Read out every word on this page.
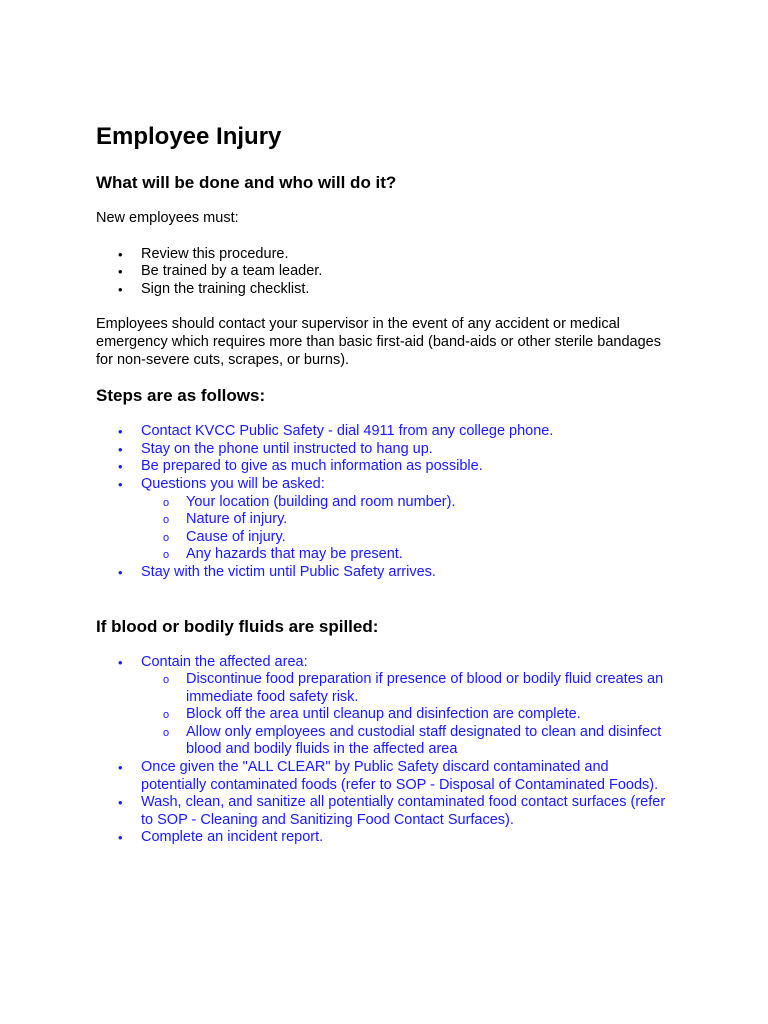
Employee Injury
What will be done and who will do it?

New employees must:

• Review this procedure.
• Be trained by a team leader.
• Sign the training checklist.

Employees should contact your supervisor in the event of any accident or medical emergency which requires more than basic first-aid (band-aids or other sterile bandages for non-severe cuts, scrapes, or burns).

Steps are as follows:
• Contact KVCC Public Safety - dial 4911 from any college phone.
• Stay on the phone until instructed to hang up.
• Be prepared to give as much information as possible.
• Questions you will be asked:
o Your location (building and room number).
o Nature of injury.
o Cause of injury.
o Any hazards that may be present.
• Stay with the victim until Public Safety arrives.
If blood or bodily fluids are spilled:
• Contain the affected area:
o Discontinue food preparation if presence of blood or bodily fluid creates an immediate food safety risk.
o Block off the area until cleanup and disinfection are complete.
o Allow only employees and custodial staff designated to clean and disinfect blood and bodily fluids in the affected area
• Once given the "ALL CLEAR" by Public Safety discard contaminated and potentially contaminated foods (refer to SOP - Disposal of Contaminated Foods).
• Wash, clean, and sanitize all potentially contaminated food contact surfaces (refer to SOP - Cleaning and Sanitizing Food Contact Surfaces).
• Complete an incident report.
